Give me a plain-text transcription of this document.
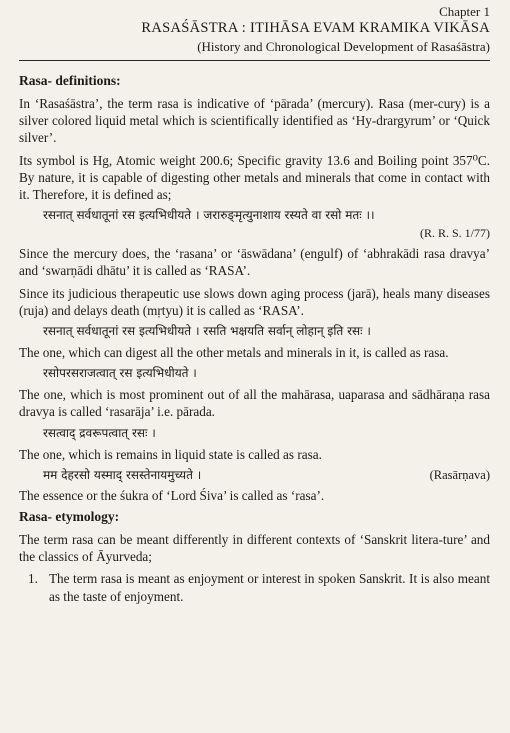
Chapter 1
RASAŚĀSTRA : ITIHĀSA EVAM KRAMIKA VIKĀSA
(History and Chronological Development of Rasaśāstra)
Rasa- definitions:

In ‘Rasaśāstra’, the term rasa is indicative of ‘pārada’ (mercury). Rasa (mer-cury) is a silver colored liquid metal which is scientifically identified as ‘Hy-drargyrum’ or ‘Quick silver’.

Its symbol is Hg, Atomic weight 200.6; Specific gravity 13.6 and Boiling point 357⁰C. By nature, it is capable of digesting other metals and minerals that come in contact with it. Therefore, it is defined as;

रसनात् सर्वधातूनां रस इत्यभिधीयते । जरारुङ्मृत्युनाशाय रस्यते वा रसो मतः ।।
(R. R. S. 1/77)

Since the mercury does, the ‘rasana’ or ‘āswādana’ (engulf) of ‘abhrakādi rasa dravya’ and ‘swarṇādi dhātu’ it is called as ‘RASA’.

Since its judicious therapeutic use slows down aging process (jarā), heals many diseases (ruja) and delays death (mṛtyu) it is called as ‘RASA’.

रसनात् सर्वधातूनां रस इत्यभिधीयते । रसति भक्षयति सर्वान् लोहान् इति रसः ।

The one, which can digest all the other metals and minerals in it, is called as rasa.

रसोपरसराजत्वात् रस इत्यभिधीयते ।

The one, which is most prominent out of all the mahārasa, uaparasa and sādhāraṇa rasa dravya is called ‘rasarāja’ i.e. pārada.

रसत्वाद् द्रवरूपत्वात् रसः ।

The one, which is remains in liquid state is called as rasa.

मम देहरसो यस्माद् रसस्तेनायमुच्यते ।	(Rasārṇava)

The essence or the śukra of ‘Lord Śiva’ is called as ‘rasa’.

Rasa- etymology:

The term rasa can be meant differently in different contexts of ‘Sanskrit litera-ture’ and the classics of Āyurveda;

1. The term rasa is meant as enjoyment or interest in spoken Sanskrit. It is also meant as the taste of enjoyment.
